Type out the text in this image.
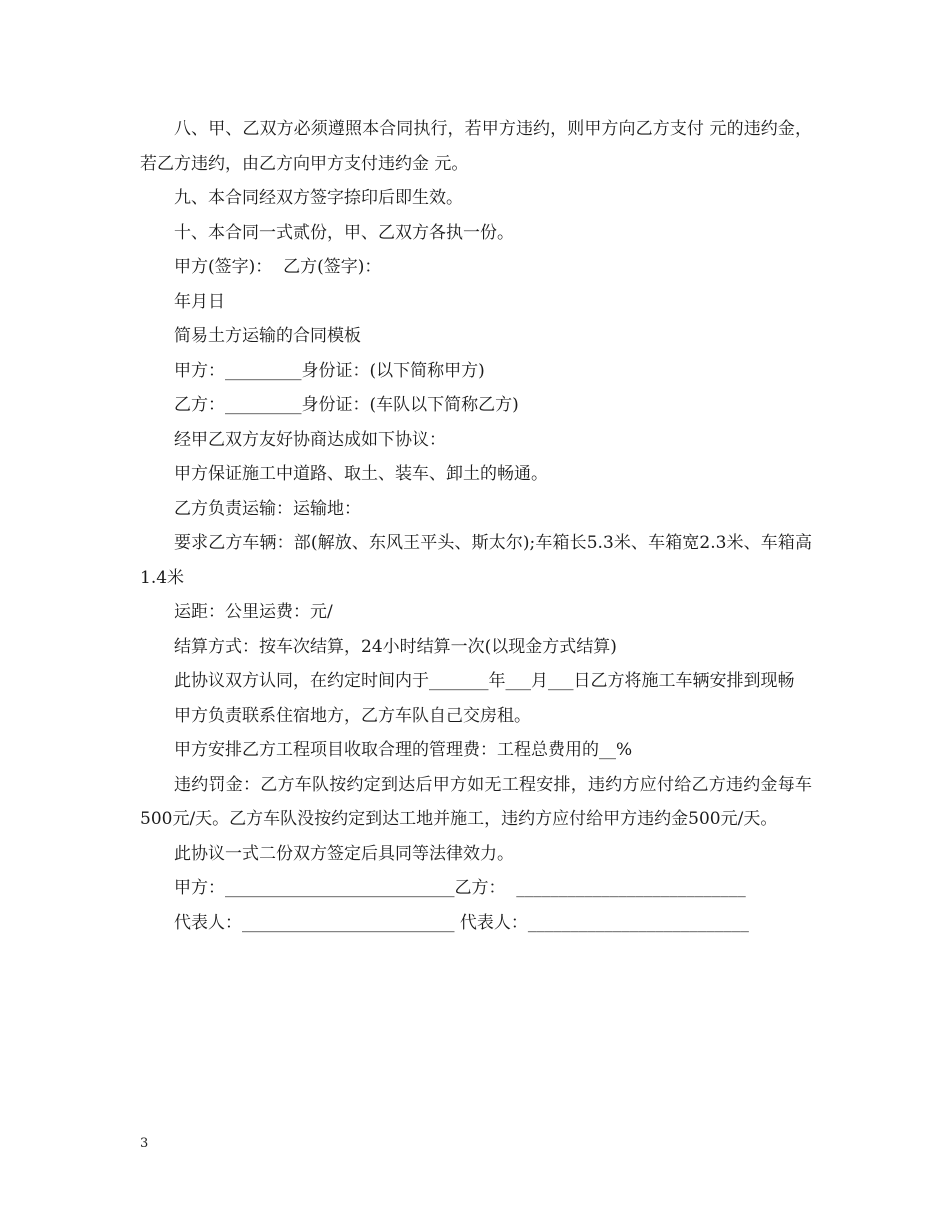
八、甲、乙双方必须遵照本合同执行，若甲方违约，则甲方向乙方支付 元的违约金，若乙方违约，由乙方向甲方支付违约金 元。

九、本合同经双方签字捺印后即生效。

十、本合同一式贰份，甲、乙双方各执一份。

甲方(签字)：  乙方(签字)：

年月日

简易土方运输的合同模板

甲方：_________身份证：(以下简称甲方)

乙方：_________身份证：(车队以下简称乙方)

经甲乙双方友好协商达成如下协议：

甲方保证施工中道路、取土、装车、卸土的畅通。

乙方负责运输：运输地：

要求乙方车辆：部(解放、东风王平头、斯太尔);车箱长5.3米、车箱宽2.3米、车箱高1.4米

运距：公里运费：元/

结算方式：按车次结算，24小时结算一次(以现金方式结算)

此协议双方认同，在约定时间内于_______年___月___日乙方将施工车辆安排到现畅

甲方负责联系住宿地方，乙方车队自己交房租。

甲方安排乙方工程项目收取合理的管理费：工程总费用的__%

违约罚金：乙方车队按约定到达后甲方如无工程安排，违约方应付给乙方违约金每车500元/天。乙方车队没按约定到达工地并施工，违约方应付给甲方违约金500元/天。

此协议一式二份双方签定后具同等法律效力。

甲方：___________________________乙方：  ___________________________

代表人：_________________________ 代表人：__________________________

3
